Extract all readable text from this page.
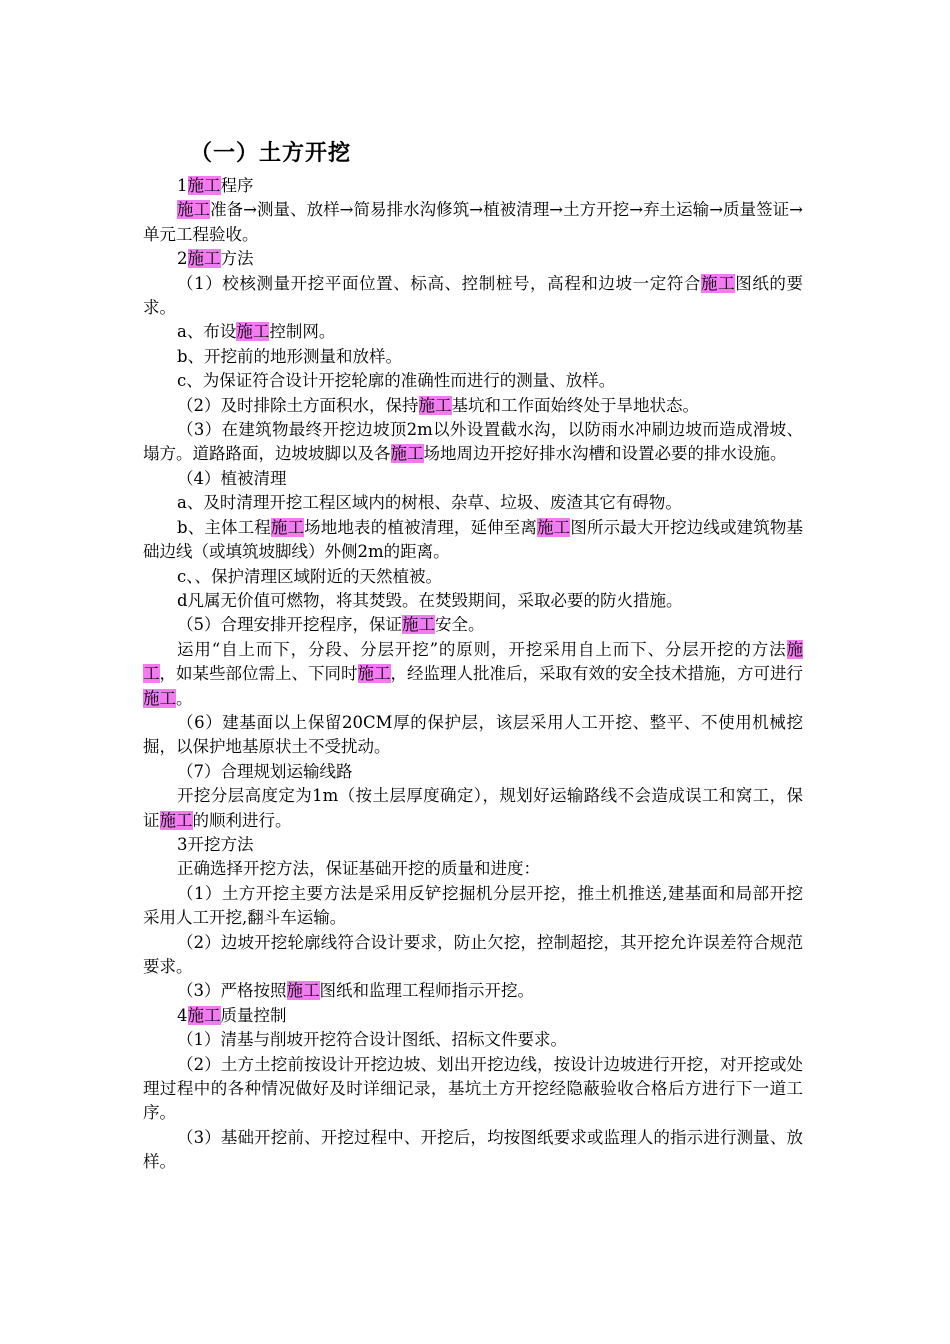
（一）土方开挖

1施工程序

施工准备→测量、放样→简易排水沟修筑→植被清理→土方开挖→弃土运输→质量签证→单元工程验收。

2施工方法

（1）校核测量开挖平面位置、标高、控制桩号，高程和边坡一定符合施工图纸的要求。

a、布设施工控制网。

b、开挖前的地形测量和放样。

c、为保证符合设计开挖轮廓的准确性而进行的测量、放样。

（2）及时排除土方面积水，保持施工基坑和工作面始终处于旱地状态。

（3）在建筑物最终开挖边坡顶2m以外设置截水沟，以防雨水冲刷边坡而造成滑坡、塌方。道路路面，边坡坡脚以及各施工场地周边开挖好排水沟槽和设置必要的排水设施。

（4）植被清理

a、及时清理开挖工程区域内的树根、杂草、垃圾、废渣其它有碍物。

b、主体工程施工场地地表的植被清理，延伸至离施工图所示最大开挖边线或建筑物基础边线（或填筑坡脚线）外侧2m的距离。

c、、保护清理区域附近的天然植被。

d凡属无价值可燃物，将其焚毁。在焚毁期间，采取必要的防火措施。

（5）合理安排开挖程序，保证施工安全。

运用“自上而下，分段、分层开挖”的原则，开挖采用自上而下、分层开挖的方法施工，如某些部位需上、下同时施工，经监理人批准后，采取有效的安全技术措施，方可进行施工。

（6）建基面以上保留20CM厚的保护层，该层采用人工开挖、整平、不使用机械挖掘，以保护地基原状土不受扰动。

（7）合理规划运输线路

开挖分层高度定为1m（按土层厚度确定），规划好运输路线不会造成误工和窝工，保证施工的顺利进行。

3开挖方法

正确选择开挖方法，保证基础开挖的质量和进度：

（1）土方开挖主要方法是采用反铲挖掘机分层开挖，推土机推送,建基面和局部开挖采用人工开挖,翻斗车运输。

（2）边坡开挖轮廓线符合设计要求，防止欠挖，控制超挖，其开挖允许误差符合规范要求。

（3）严格按照施工图纸和监理工程师指示开挖。

4施工质量控制

（1）清基与削坡开挖符合设计图纸、招标文件要求。

（2）土方土挖前按设计开挖边坡、划出开挖边线，按设计边坡进行开挖，对开挖或处理过程中的各种情况做好及时详细记录，基坑土方开挖经隐蔽验收合格后方进行下一道工序。

（3）基础开挖前、开挖过程中、开挖后，均按图纸要求或监理人的指示进行测量、放样。
